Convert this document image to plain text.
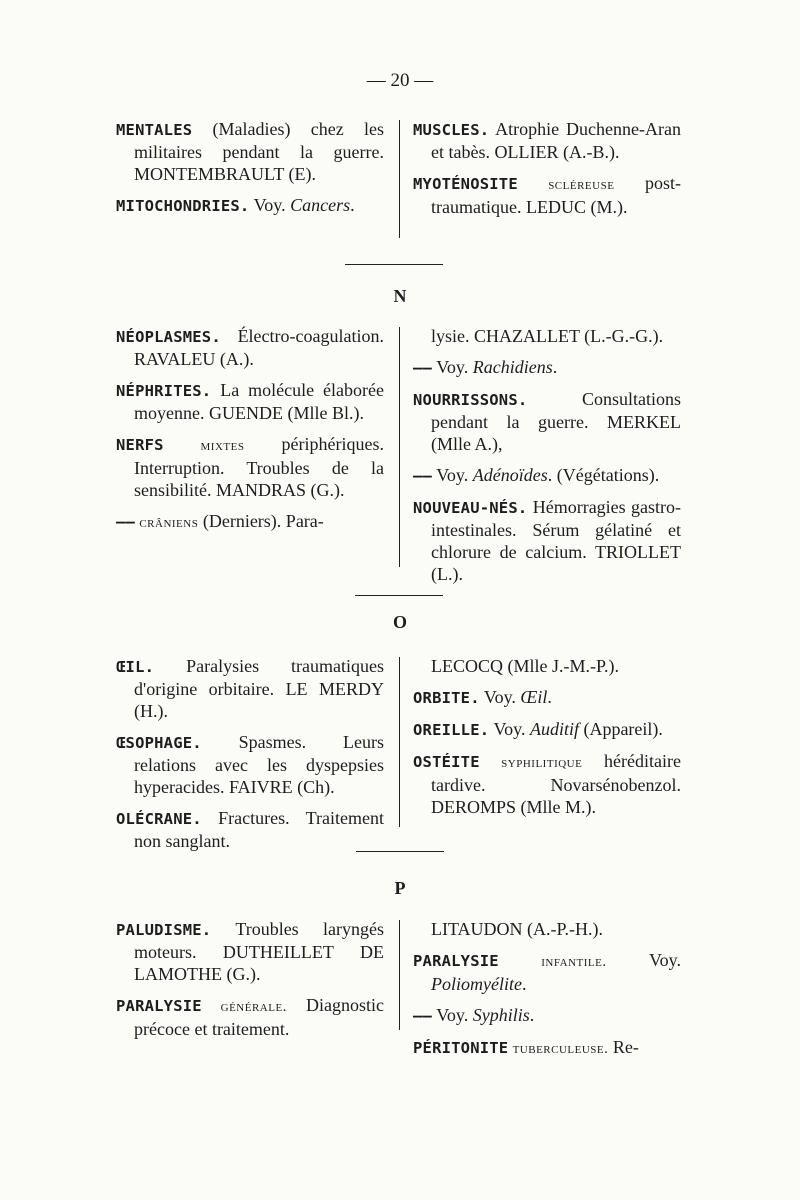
— 20 —
MENTALES (Maladies) chez les militaires pendant la guerre. MONTEMBRAULT (E).
MITOCHONDRIES. Voy. Cancers.
MUSCLES. Atrophie Duchenne-Aran et tabès. OLLIER (A.-B.).
MYOTÉNOSITE scléreuse post-traumatique. LEDUC (M.).
N
NÉOPLASMES. Électro-coagulation. RAVALEU (A.).
NÉPHRITES. La molécule élaborée moyenne. GUENDE (Mlle Bl.).
NERFS mixtes périphériques. Interruption. Troubles de la sensibilité. MANDRAS (G.).
—— crâniens (Derniers). Para-
lysie. CHAZALLET (L.-G.-G.).
—— Voy. Rachidiens.
NOURRISSONS. Consultations pendant la guerre. MERKEL (Mlle A.),
—— Voy. Adénoïdes. (Végétations).
NOUVEAU-NÉS. Hémorragies gastro-intestinales. Sérum gélatiné et chlorure de calcium. TRIOLLET (L.).
O
ŒIL. Paralysies traumatiques d'origine orbitaire. LE MERDY (H.).
ŒSOPHAGE. Spasmes. Leurs relations avec les dyspepsies hyperacides. FAIVRE (Ch).
OLÉCRANE. Fractures. Traitement non sanglant.
LECOCQ (Mlle J.-M.-P.).
ORBITE. Voy. Œil.
OREILLE. Voy. Auditif (Appareil).
OSTÉITE syphilitique héréditaire tardive. Novarsénobenzol. DEROMPS (Mlle M.).
P
PALUDISME. Troubles laryngés moteurs. DUTHEILLET DE LAMOTHE (G.).
PARALYSIE générale. Diagnostic précoce et traitement.
LITAUDON (A.-P.-H.).
PARALYSIE infantile. Voy. Poliomyélite.
—— Voy. Syphilis.
PÉRITONITE tuberculeuse. Re-
